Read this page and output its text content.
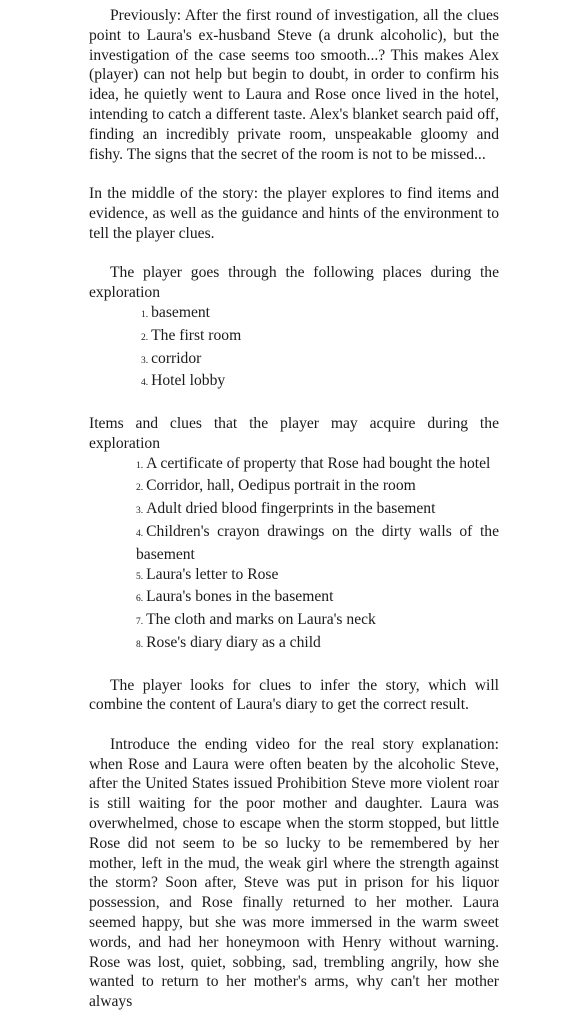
Previously: After the first round of investigation, all the clues point to Laura's ex-husband Steve (a drunk alcoholic), but the investigation of the case seems too smooth...? This makes Alex (player) can not help but begin to doubt, in order to confirm his idea, he quietly went to Laura and Rose once lived in the hotel, intending to catch a different taste. Alex's blanket search paid off, finding an incredibly private room, unspeakable gloomy and fishy. The signs that the secret of the room is not to be missed...

In the middle of the story: the player explores to find items and evidence, as well as the guidance and hints of the environment to tell the player clues.

The player goes through the following places during the exploration

1. basement
2. The first room
3. corridor
4. Hotel lobby

Items and clues that the player may acquire during the exploration

1. A certificate of property that Rose had bought the hotel
2. Corridor, hall, Oedipus portrait in the room
3. Adult dried blood fingerprints in the basement
4. Children's crayon drawings on the dirty walls of the basement
5. Laura's letter to Rose
6. Laura's bones in the basement
7. The cloth and marks on Laura's neck
8. Rose's diary diary as a child

The player looks for clues to infer the story, which will combine the content of Laura's diary to get the correct result.

Introduce the ending video for the real story explanation: when Rose and Laura were often beaten by the alcoholic Steve, after the United States issued Prohibition Steve more violent roar is still waiting for the poor mother and daughter. Laura was overwhelmed, chose to escape when the storm stopped, but little Rose did not seem to be so lucky to be remembered by her mother, left in the mud, the weak girl where the strength against the storm? Soon after, Steve was put in prison for his liquor possession, and Rose finally returned to her mother. Laura seemed happy, but she was more immersed in the warm sweet words, and had her honeymoon with Henry without warning. Rose was lost, quiet, sobbing, sad, trembling angrily, how she wanted to return to her mother's arms, why can't her mother always
